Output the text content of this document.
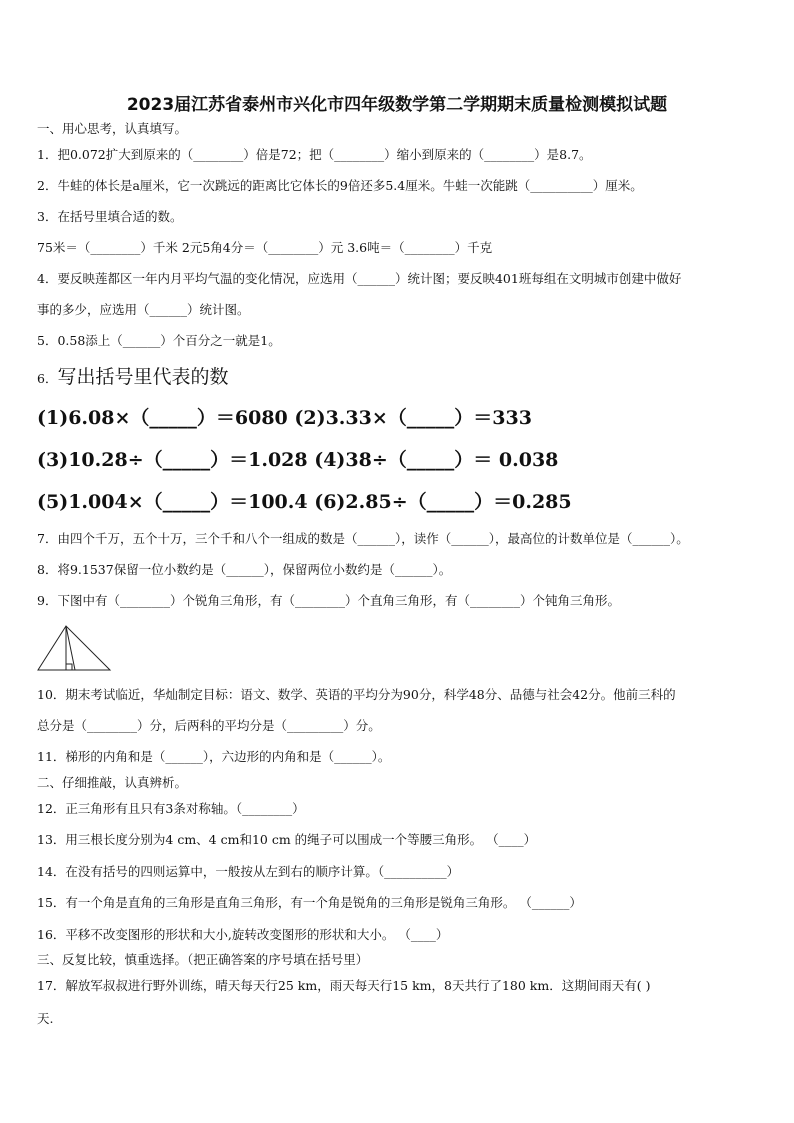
2023届江苏省泰州市兴化市四年级数学第二学期期末质量检测模拟试题
一、用心思考，认真填写。
1．把0.072扩大到原来的（________）倍是72；把（________）缩小到原来的（________）是8.7。
2．牛蛙的体长是a厘米，它一次跳远的距离比它体长的9倍还多5.4厘米。牛蛙一次能跳（__________）厘米。
3．在括号里填合适的数。
75米＝（________）千米 2元5角4分＝（________）元 3.6吨＝（________）千克
4．要反映莲都区一年内月平均气温的变化情况，应选用（______）统计图；要反映401班每组在文明城市创建中做好
事的多少，应选用（______）统计图。
5．0.58添上（______）个百分之一就是1。
6．写出括号里代表的数
(1)6.08×（_____）＝6080 (2)3.33×（_____）＝333
(3)10.28÷（_____）＝1.028 (4)38÷（_____）＝ 0.038
(5)1.004×（_____）＝100.4 (6)2.85÷（_____）＝0.285
7．由四个千万，五个十万，三个千和八个一组成的数是（______），读作（______），最高位的计数单位是（______）。
8．将9.1537保留一位小数约是（______），保留两位小数约是（______）。
9．下图中有（________）个锐角三角形，有（________）个直角三角形，有（________）个钝角三角形。
10．期末考试临近，华灿制定目标：语文、数学、英语的平均分为90分，科学48分、品德与社会42分。他前三科的
总分是（________）分，后两科的平均分是（_________）分。
11．梯形的内角和是（______），六边形的内角和是（______）。
二、仔细推敲，认真辨析。
12．正三角形有且只有3条对称轴。（________）
13．用三根长度分别为4 cm、4 cm和10 cm 的绳子可以围成一个等腰三角形。 （____）
14．在没有括号的四则运算中，一般按从左到右的顺序计算。（__________）
15．有一个角是直角的三角形是直角三角形，有一个角是锐角的三角形是锐角三角形。 （______）
16．平移不改变图形的形状和大小,旋转改变图形的形状和大小。 （____）
三、反复比较，慎重选择。（把正确答案的序号填在括号里）
17．解放军叔叔进行野外训练，晴天每天行25 km，雨天每天行15 km，8天共行了180 km．这期间雨天有( )
天.
